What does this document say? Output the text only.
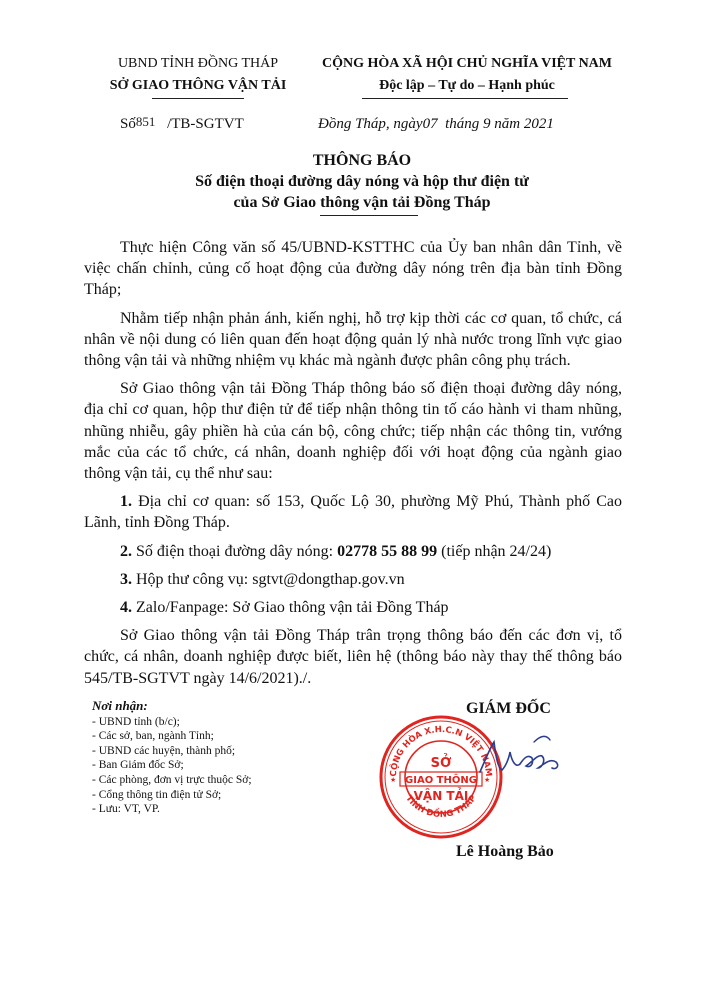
UBND TỈNH ĐỒNG THÁP
SỞ GIAO THÔNG VẬN TẢI
CỘNG HÒA XÃ HỘI CHỦ NGHĨA VIỆT NAM
Độc lập – Tự do – Hạnh phúc
Số851 /TB-SGTVT	Đồng Tháp, ngày07  tháng 9 năm 2021
THÔNG BÁO
Số điện thoại đường dây nóng và hộp thư điện tử
của Sở Giao thông vận tải Đồng Tháp

Thực hiện Công văn số 45/UBND-KSTTHC của Ủy ban nhân dân Tỉnh, về việc chấn chỉnh, củng cố hoạt động của đường dây nóng trên địa bàn tỉnh Đồng Tháp;

Nhằm tiếp nhận phản ánh, kiến nghị, hỗ trợ kịp thời các cơ quan, tổ chức, cá nhân về nội dung có liên quan đến hoạt động quản lý nhà nước trong lĩnh vực giao thông vận tải và những nhiệm vụ khác mà ngành được phân công phụ trách.

Sở Giao thông vận tải Đồng Tháp thông báo số điện thoại đường dây nóng, địa chỉ cơ quan, hộp thư điện tử để tiếp nhận thông tin tố cáo hành vi tham nhũng, nhũng nhiễu, gây phiền hà của cán bộ, công chức; tiếp nhận các thông tin, vướng mắc của các tổ chức, cá nhân, doanh nghiệp đối với hoạt động của ngành giao thông vận tải, cụ thể như sau:

1. Địa chỉ cơ quan: số 153, Quốc Lộ 30, phường Mỹ Phú, Thành phố Cao Lãnh, tỉnh Đồng Tháp.

2. Số điện thoại đường dây nóng: 02778 55 88 99 (tiếp nhận 24/24)

3. Hộp thư công vụ: sgtvt@dongthap.gov.vn

4. Zalo/Fanpage: Sở Giao thông vận tải Đồng Tháp

Sở Giao thông vận tải Đồng Tháp trân trọng thông báo đến các đơn vị, tổ chức, cá nhân, doanh nghiệp được biết, liên hệ (thông báo này thay thế thông báo 545/TB-SGTVT ngày 14/6/2021)./.

Nơi nhận:
- UBND tỉnh (b/c);
- Các sở, ban, ngành Tỉnh;
- UBND các huyện, thành phố;
- Ban Giám đốc Sở;
- Các phòng, đơn vị trực thuộc Sở;
- Cổng thông tin điện tử Sở;
- Lưu: VT, VP.
GIÁM ĐỐC
CỘNG HÒA X.H.C.N VIỆT NAM
TỈNH ĐỒNG THÁP
SỞ
GIAO THÔNG
VẬN TẢI
★	★
Lê Hoàng Bảo
